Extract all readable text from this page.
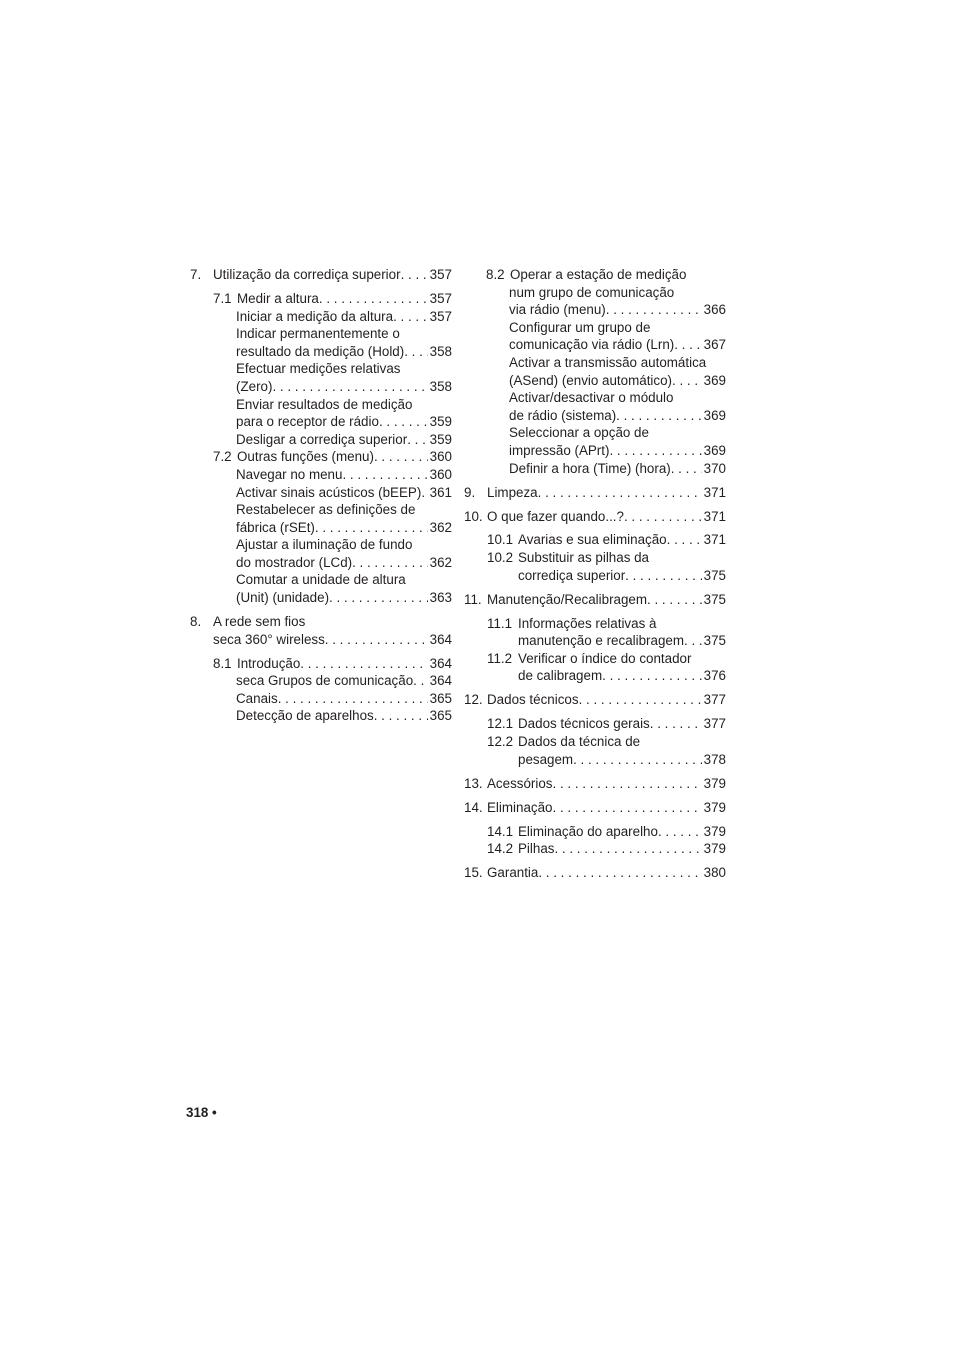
7. Utilização da corrediça superior 357
. . .
7.1 Medir a altura	357
. . .
Iniciar a medição da altura	357
. . .
Indicar permanentemente o
resultado da medição (Hold) 358
. . .
Efectuar medições relativas
(Zero)	358
. . .
Enviar resultados de medição
para o receptor de rádio	359
. . .
Desligar a corrediça superior 359
. . .
7.2 Outras funções (menu)	360
. . .
Navegar no menu	360
. . .
Activar sinais acústicos (bEEP) 361
. . .
Restabelecer as definições de
fábrica (rSEt)	362
. . .
Ajustar a iluminação de fundo
do mostrador (LCd)	362
. . .
Comutar a unidade de altura
(Unit) (unidade)	363
. . .
8. A rede sem fios
seca 360° wireless	364
. . .
8.1 Introdução	364
. . .
seca Grupos de comunicação 364
. . .
Canais	365
. . .
Detecção de aparelhos	365
. . .
8.2 Operar a estação de medição
num grupo de comunicação
via rádio (menu)	366
. . .
Configurar um grupo de
comunicação via rádio (Lrn) 367
. . .
Activar a transmissão automática
(ASend) (envio automático) 369
. . .
Activar/desactivar o módulo
de rádio (sistema)	369
. . .
Seleccionar a opção de
impressão (APrt)	369
. . .
Definir a hora (Time) (hora) 370
. . .
9. Limpeza	371
. . .
10. O que fazer quando...?	371
. . .
10.1 Avarias e sua eliminação	371
. . .
10.2 Substituir as pilhas da
corrediça superior	375
. . .
11. Manutenção/Recalibragem	375
. . .
11.1 Informações relativas à
manutenção e recalibragem 375
. . .
11.2 Verificar o índice do contador
de calibragem	376
. . .
12. Dados técnicos	377
. . .
12.1 Dados técnicos gerais	377
. . .
12.2 Dados da técnica de
pesagem	378
. . .
13. Acessórios	379
. . .
14. Eliminação	379
. . .
14.1 Eliminação do aparelho	379
. . .
14.2 Pilhas	379
. . .
15. Garantia	380
. . .
318 •
